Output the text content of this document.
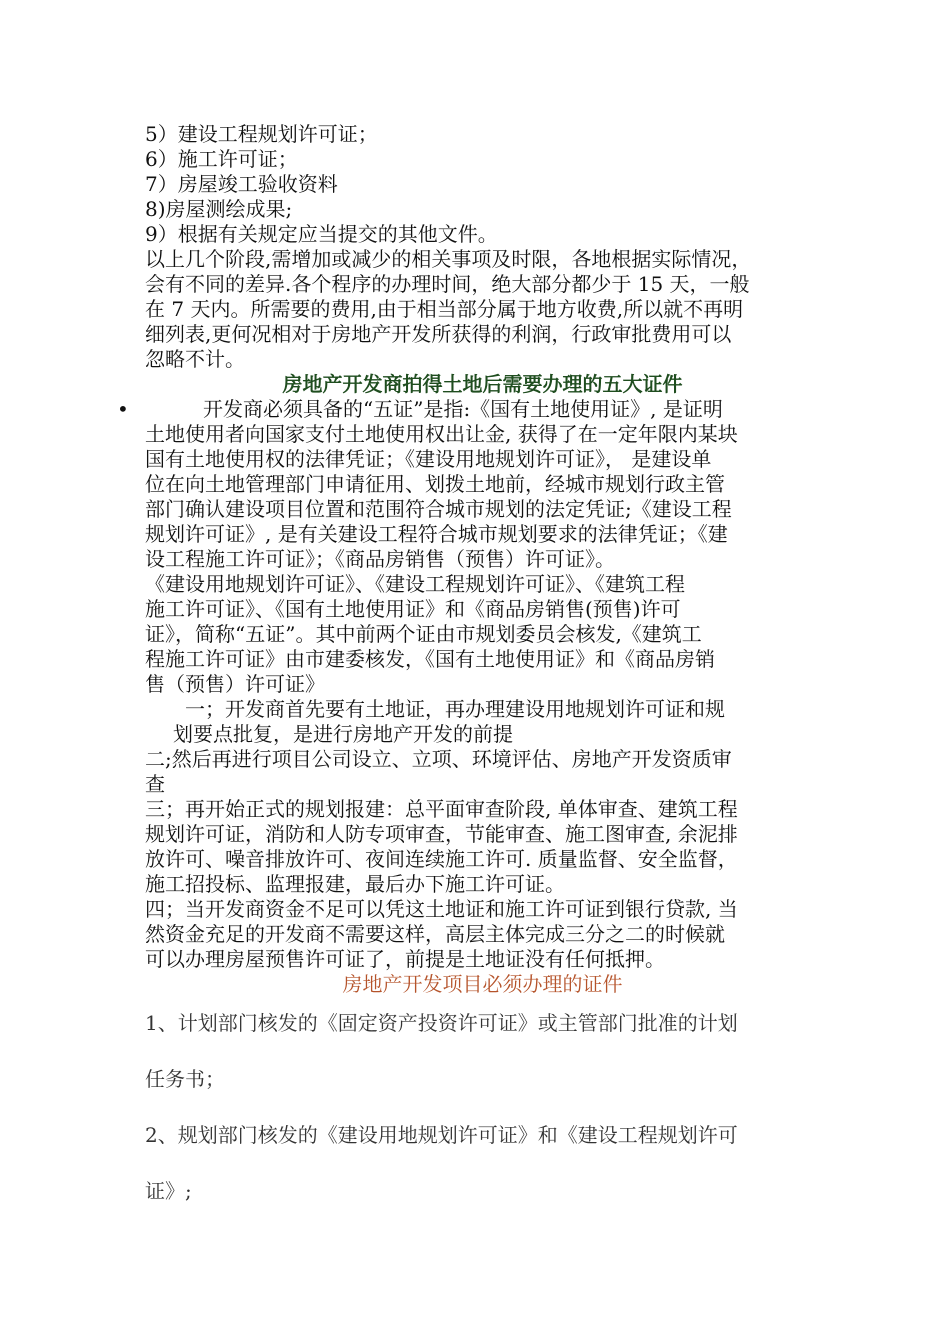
5）建设工程规划许可证；
6）施工许可证；
7）房屋竣工验收资料
8)房屋测绘成果;
9）根据有关规定应当提交的其他文件。
以上几个阶段,需增加或减少的相关事项及时限，各地根据实际情况，
会有不同的差异.各个程序的办理时间，绝大部分都少于 15 天，一般
在 7 天内。所需要的费用,由于相当部分属于地方收费,所以就不再明
细列表,更何况相对于房地产开发所获得的利润，行政审批费用可以
忽略不计。
房地产开发商拍得土地后需要办理的五大证件
•	开发商必须具备的“五证”是指:《国有土地使用证》, 是证明
土地使用者向国家支付土地使用权出让金, 获得了在一定年限内某块
国有土地使用权的法律凭证；《建设用地规划许可证》， 是建设单
位在向土地管理部门申请征用、划拨土地前，经城市规划行政主管
部门确认建设项目位置和范围符合城市规划的法定凭证;《建设工程
规划许可证》, 是有关建设工程符合城市规划要求的法律凭证；《建
设工程施工许可证》；《商品房销售（预售）许可证》。
《建设用地规划许可证》、《建设工程规划许可证》、《建筑工程
施工许可证》、《国有土地使用证》和《商品房销售(预售)许可
证》，简称“五证”。其中前两个证由市规划委员会核发,《建筑工
程施工许可证》由市建委核发，《国有土地使用证》和《商品房销
售（预售）许可证》
一；开发商首先要有土地证，再办理建设用地规划许可证和规
划要点批复，是进行房地产开发的前提
二;然后再进行项目公司设立、立项、环境评估、房地产开发资质审
查
三；再开始正式的规划报建：总平面审查阶段, 单体审查、建筑工程
规划许可证，消防和人防专项审查，节能审查、施工图审查, 余泥排
放许可、噪音排放许可、夜间连续施工许可. 质量监督、安全监督，
施工招投标、监理报建，最后办下施工许可证。
四；当开发商资金不足可以凭这土地证和施工许可证到银行贷款, 当
然资金充足的开发商不需要这样，高层主体完成三分之二的时候就
可以办理房屋预售许可证了，前提是土地证没有任何抵押。
房地产开发项目必须办理的证件
1、计划部门核发的《固定资产投资许可证》或主管部门批准的计划
任务书；
2、规划部门核发的《建设用地规划许可证》和《建设工程规划许可
证》;
